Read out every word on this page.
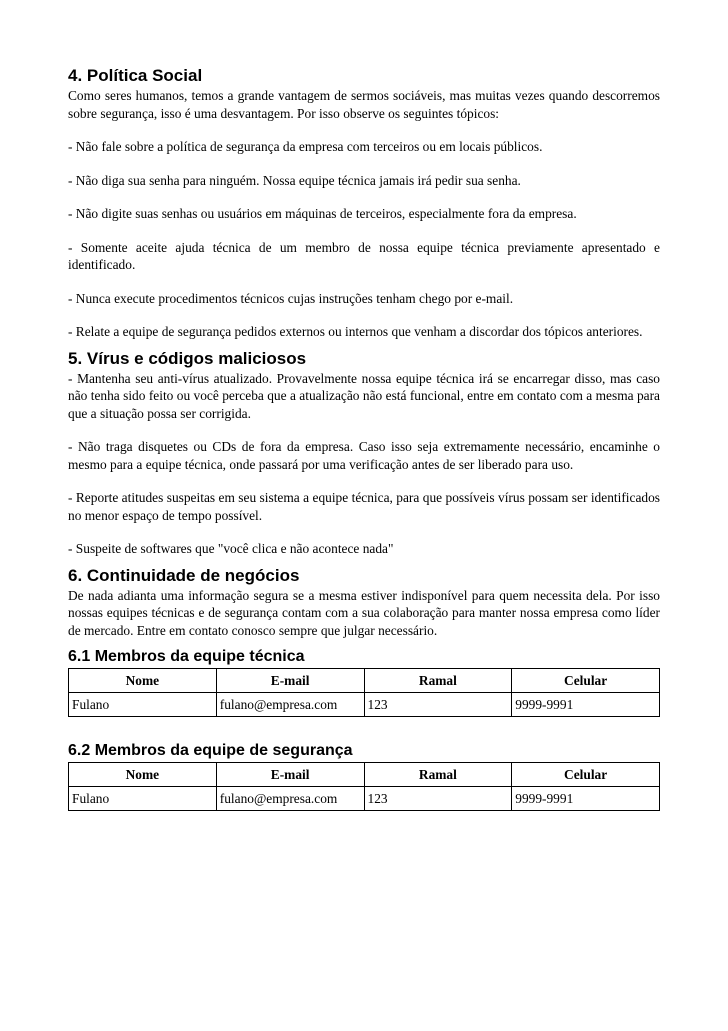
4. Política Social

Como seres humanos, temos a grande vantagem de sermos sociáveis, mas muitas vezes quando descorremos sobre segurança, isso é uma desvantagem. Por isso observe os seguintes tópicos:

- Não fale sobre a política de segurança da empresa com terceiros ou em locais públicos.

- Não diga sua senha para ninguém. Nossa equipe técnica jamais irá pedir sua senha.

- Não digite suas senhas ou usuários em máquinas de terceiros, especialmente fora da empresa.

- Somente aceite ajuda técnica de um membro de nossa equipe técnica previamente apresentado e identificado.

- Nunca execute procedimentos técnicos cujas instruções tenham chego por e-mail.

- Relate a equipe de segurança pedidos externos ou internos que venham a discordar dos tópicos anteriores.

5. Vírus e códigos maliciosos

- Mantenha seu anti-vírus atualizado. Provavelmente nossa equipe técnica irá se encarregar disso, mas caso não tenha sido feito ou você perceba que a atualização não está funcional, entre em contato com a mesma para que a situação possa ser corrigida.

- Não traga disquetes ou CDs de fora da empresa. Caso isso seja extremamente necessário, encaminhe o mesmo para a equipe técnica, onde passará por uma verificação antes de ser liberado para uso.

- Reporte atitudes suspeitas em seu sistema a equipe técnica, para que possíveis vírus possam ser identificados no menor espaço de tempo possível.

- Suspeite de softwares que "você clica e não acontece nada"

6. Continuidade de negócios

De nada adianta uma informação segura se a mesma estiver indisponível para quem necessita dela. Por isso nossas equipes técnicas e de segurança contam com a sua colaboração para manter nossa empresa como líder de mercado. Entre em contato conosco sempre que julgar necessário.

6.1 Membros da equipe técnica
Nome	E-mail	Ramal	Celular
Fulano	fulano@empresa.com	123	9999-9991
6.2 Membros da equipe de segurança
Nome	E-mail	Ramal	Celular
Fulano	fulano@empresa.com	123	9999-9991
